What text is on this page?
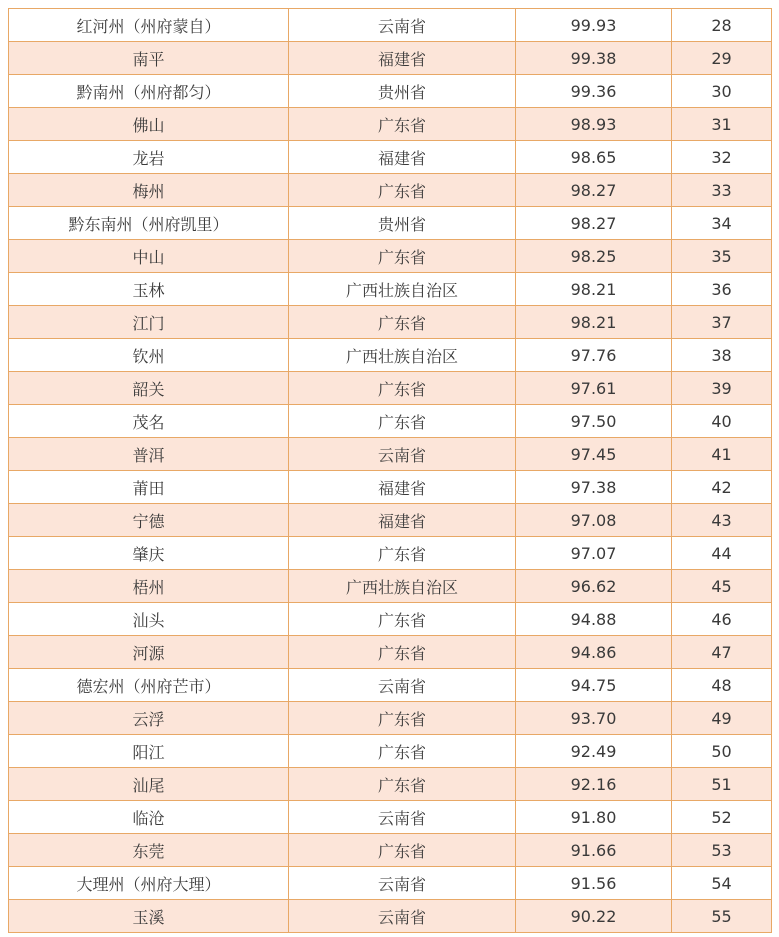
红河州（州府蒙自）	云南省	99.93	28
南平	福建省	99.38	29
黔南州（州府都匀）	贵州省	99.36	30
佛山	广东省	98.93	31
龙岩	福建省	98.65	32
梅州	广东省	98.27	33
黔东南州（州府凯里）	贵州省	98.27	34
中山	广东省	98.25	35
玉林	广西壮族自治区	98.21	36
江门	广东省	98.21	37
钦州	广西壮族自治区	97.76	38
韶关	广东省	97.61	39
茂名	广东省	97.50	40
普洱	云南省	97.45	41
莆田	福建省	97.38	42
宁德	福建省	97.08	43
肇庆	广东省	97.07	44
梧州	广西壮族自治区	96.62	45
汕头	广东省	94.88	46
河源	广东省	94.86	47
德宏州（州府芒市）	云南省	94.75	48
云浮	广东省	93.70	49
阳江	广东省	92.49	50
汕尾	广东省	92.16	51
临沧	云南省	91.80	52
东莞	广东省	91.66	53
大理州（州府大理）	云南省	91.56	54
玉溪	云南省	90.22	55
